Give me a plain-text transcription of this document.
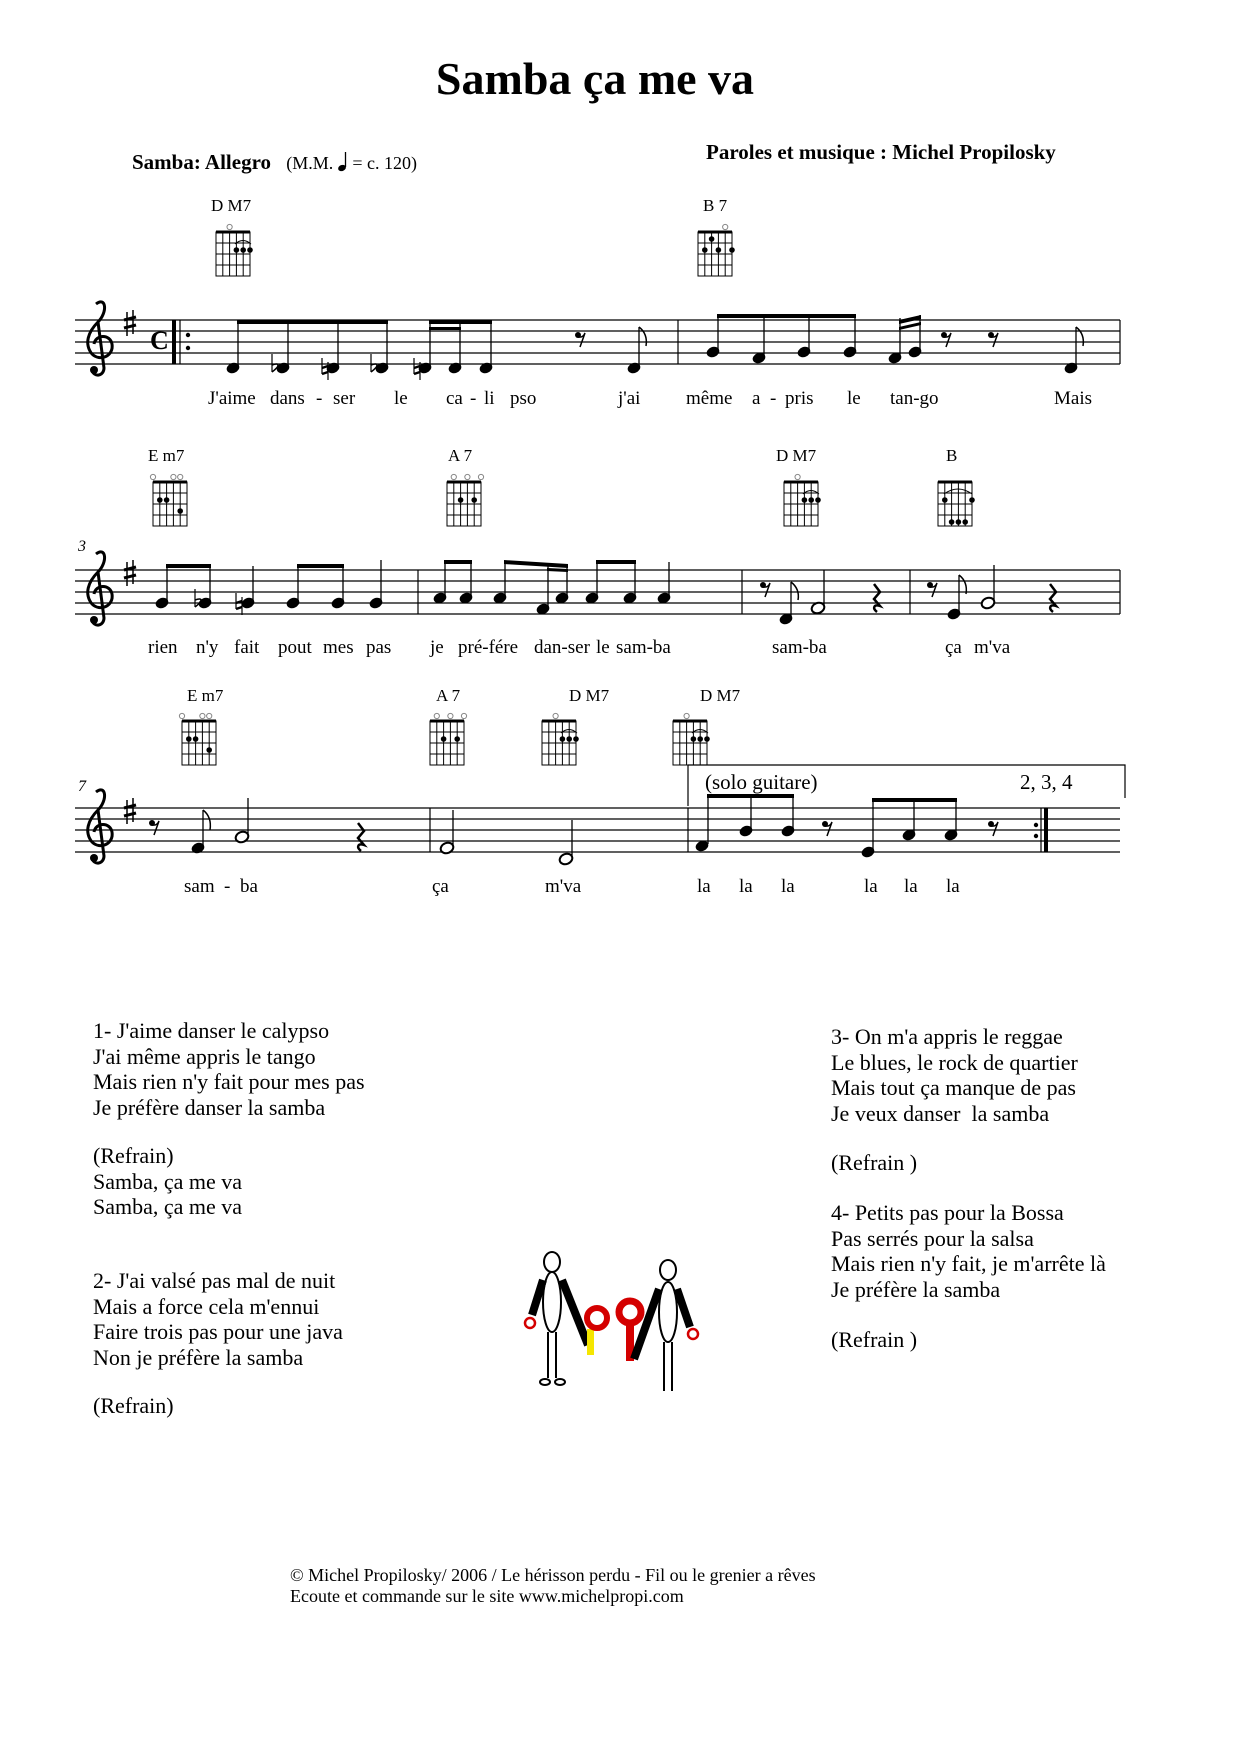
Samba ça me va
Samba: Allegro (M.M. = c. 120)	Paroles et musique : Michel Propilosky
C
D M7	B 7
E m7	A 7	D M7	B
E m7	A 7	D M7	D M7
3
7	(solo guitare)	2, 3, 4
J'aime dans - ser le ca - li pso	j'ai même a - pris le tan-go	Mais
rien n'y fait pout mes pas je pré-fére dan-ser le sam-ba	sam-ba	ça m'va
sam - ba	ça	m'va	la la la	la la la
1- J'aime danser le calypso
J'ai même appris le tango
Mais rien n'y fait pour mes pas
Je préfère danser la samba
(Refrain)
Samba, ça me va
Samba, ça me va
2- J'ai valsé pas mal de nuit
Mais a force cela m'ennui
Faire trois pas pour une java
Non je préfère la samba
(Refrain)
3- On m'a appris le reggae
Le blues, le rock de quartier
Mais tout ça manque de pas
Je veux danser  la samba
(Refrain )
4- Petits pas pour la Bossa
Pas serrés pour la salsa
Mais rien n'y fait, je m'arrête là
Je préfère la samba
(Refrain )
© Michel Propilosky/ 2006 / Le hérisson perdu - Fil ou le grenier a rêves
Ecoute et commande sur le site www.michelpropi.com
